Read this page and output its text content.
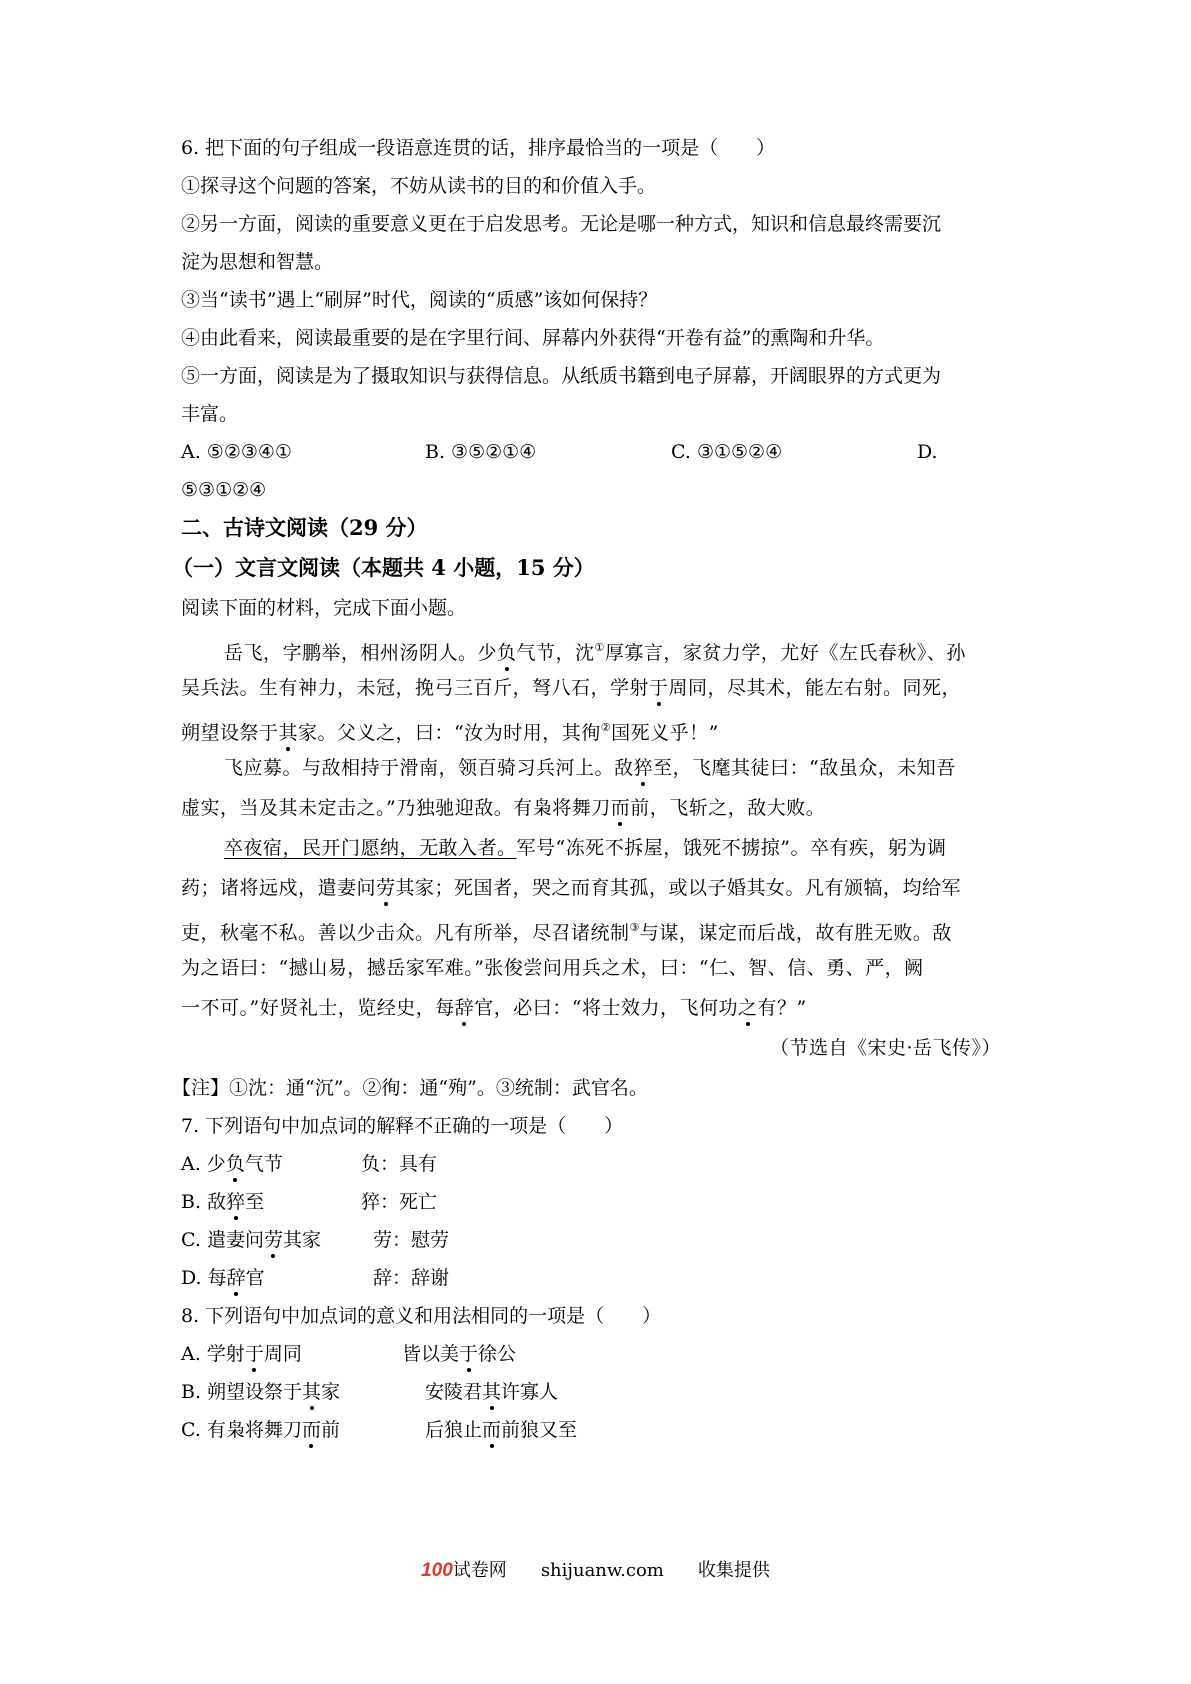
6. 把下面的句子组成一段语意连贯的话，排序最恰当的一项是（　　）
①探寻这个问题的答案，不妨从读书的目的和价值入手。
②另一方面，阅读的重要意义更在于启发思考。无论是哪一种方式，知识和信息最终需要沉
淀为思想和智慧。
③当“读书”遇上“刷屏”时代，阅读的“质感”该如何保持？
④由此看来，阅读最重要的是在字里行间、屏幕内外获得“开卷有益”的熏陶和升华。
⑤一方面，阅读是为了摄取知识与获得信息。从纸质书籍到电子屏幕，开阔眼界的方式更为
丰富。
A. ⑤②③④①	B. ③⑤②①④	C. ③①⑤②④	D.
⑤③①②④
二、古诗文阅读（29 分）
（一）文言文阅读（本题共 4 小题，15 分）
阅读下面的材料，完成下面小题。
岳飞，字鹏举，相州汤阴人。少负气节，沈①厚寡言，家贫力学，尤好《左氏春秋》、孙
吴兵法。生有神力，未冠，挽弓三百斤，弩八石，学射于周同，尽其术，能左右射。同死，
朔望设祭于其家。父义之，曰：“汝为时用，其徇②国死义乎！”
飞应募。与敌相持于滑南，领百骑习兵河上。敌猝至，飞麾其徒曰：“敌虽众，未知吾
虚实，当及其未定击之。”乃独驰迎敌。有枭将舞刀而前，飞斩之，敌大败。
卒夜宿，民开门愿纳，无敢入者。军号“冻死不拆屋，饿死不掳掠”。卒有疾，躬为调
药；诸将远戍，遣妻问劳其家；死国者，哭之而育其孤，或以子婚其女。凡有颁犒，均给军
吏，秋毫不私。善以少击众。凡有所举，尽召诸统制③与谋，谋定而后战，故有胜无败。敌
为之语曰：“撼山易，撼岳家军难。”张俊尝问用兵之术，曰：“仁、智、信、勇、严，阙
一不可。”好贤礼士，览经史，每辞官，必曰：“将士效力，飞何功之有？”
（节选自《宋史·岳飞传》）
【注】①沈：通“沉”。②徇：通“殉”。③统制：武官名。
7. 下列语句中加点词的解释不正确的一项是（　　）
A. 少负气节	负：具有
B. 敌猝至	猝：死亡
C. 遣妻问劳其家	劳：慰劳
D. 每辞官	辞：辞谢
8. 下列语句中加点词的意义和用法相同的一项是（　　）
A. 学射于周同	皆以美于徐公
B. 朔望设祭于其家	安陵君其许寡人
C. 有枭将舞刀而前	后狼止而前狼又至
100试卷网 shijuanw.com 收集提供
